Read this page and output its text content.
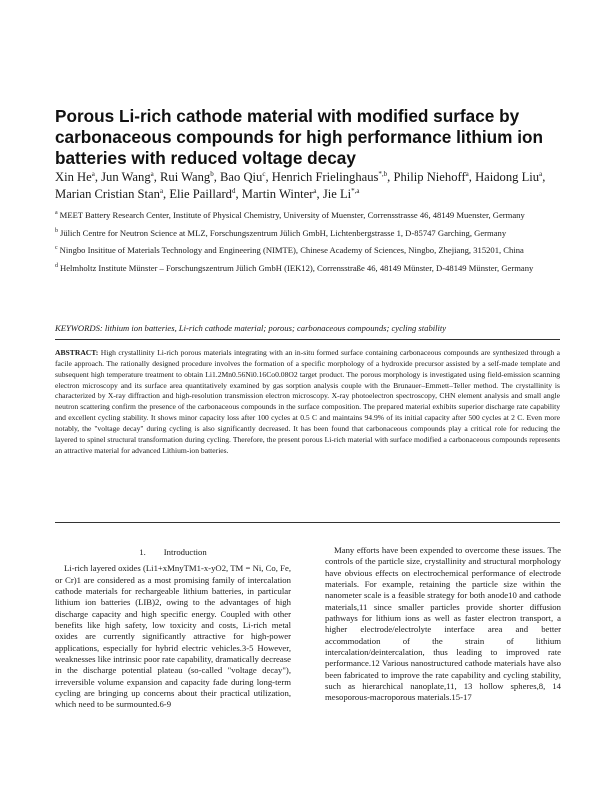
Porous Li-rich cathode material with modified surface by carbonaceous compounds for high performance lithium ion batteries with reduced voltage decay
Xin He$^a$, Jun Wang$^a$, Rui Wang$^b$, Bao Qiu$^c$, Henrich Frielinghaus$^{*,b}$, Philip Niehoff$^a$, Haidong Liu$^a$, Marian Cristian Stan$^a$, Elie Paillard$^d$, Martin Winter$^a$, Jie $Li^{*,a}$
$^a$ MEET Battery Research Center, Institute of Physical Chemistry, University of Muenster, Corrensstrasse 46, 48149 Muenster, Germany
$^b$ Jülich Centre for Neutron Science at MLZ, Forschungszentrum Jülich GmbH, Lichtenbergstrasse 1, D-85747 Garching, Germany
$^c$ Ningbo Insititue of Materials Technology and Engineering (NIMTE), Chinese Academy of Sciences, Ningbo, Zhejiang, 315201, China
$^d$ Helmholtz Institute Münster – Forschungszentrum Jülich GmbH (IEK12), Corrensstraße 46, 48149 Münster, D-48149 Münster, Germany
KEYWORDS: lithium ion batteries, Li-rich cathode material; porous; carbonaceous compounds; cycling stability
ABSTRACT: High crystallinity Li-rich porous materials integrating with an in-situ formed surface containing carbonaceous compounds are synthesized through a facile approach. The rationally designed procedure involves the formation of a specific morphology of a hydroxide precursor assisted by a self-made template and subsequent high temperature treatment to obtain Li1.2Mn0.56Ni0.16Co0.08O2 target product. The porous morphology is investigated using field-emission scanning electron microscopy and its surface area quantitatively examined by gas sorption analysis couple with the Brunauer–Emmett–Teller method. The crystallinity is characterized by X-ray diffraction and high-resolution transmission electron microscopy. X-ray photoelectron spectroscopy, CHN element analysis and small angle neutron scattering confirm the presence of the carbonaceous compounds in the surface composition. The prepared material exhibits superior discharge rate capability and excellent cycling stability. It shows minor capacity loss after 100 cycles at 0.5 C and maintains 94.9% of its initial capacity after 500 cycles at 2 C. Even more notably, the "voltage decay" during cycling is also significantly decreased. It has been found that carbonaceous compounds play a critical role for reducing the layered to spinel structural transformation during cycling. Therefore, the present porous Li-rich material with surface modified a carbonaceous compounds represents an attractive material for advanced Lithium-ion batteries.
1. Introduction
Li-rich layered oxides (Li1+xMnyTM1-x-yO2, TM = Ni, Co, Fe, or Cr)1 are considered as a most promising family of intercalation cathode materials for rechargeable lithium batteries, in particular lithium ion batteries (LIB)2, owing to the advantages of high discharge capacity and high specific energy. Coupled with other benefits like high safety, low toxicity and costs, Li-rich metal oxides are currently significantly attractive for high-power applications, especially for hybrid electric vehicles.3-5 However, weaknesses like intrinsic poor rate capability, dramatically decrease in the discharge potential plateau (so-called "voltage decay"), irreversible volume expansion and capacity fade during long-term cycling are bringing up concerns about their practical utilization, which need to be surmounted.6-9
Many efforts have been expended to overcome these issues. The controls of the particle size, crystallinity and structural morphology have obvious effects on electrochemical performance of electrode materials. For example, retaining the particle size within the nanometer scale is a feasible strategy for both anode10 and cathode materials,11 since smaller particles provide shorter diffusion pathways for lithium ions as well as faster electron transport, a higher electrode/electrolyte interface area and better accommodation of the strain of lithium intercalation/deintercalation, thus leading to improved rate performance.12 Various nanostructured cathode materials have also been fabricated to improve the rate capability and cycling stability, such as hierarchical nanoplate,11, 13 hollow spheres,8, 14 mesoporous-macroporous materials.15-17
